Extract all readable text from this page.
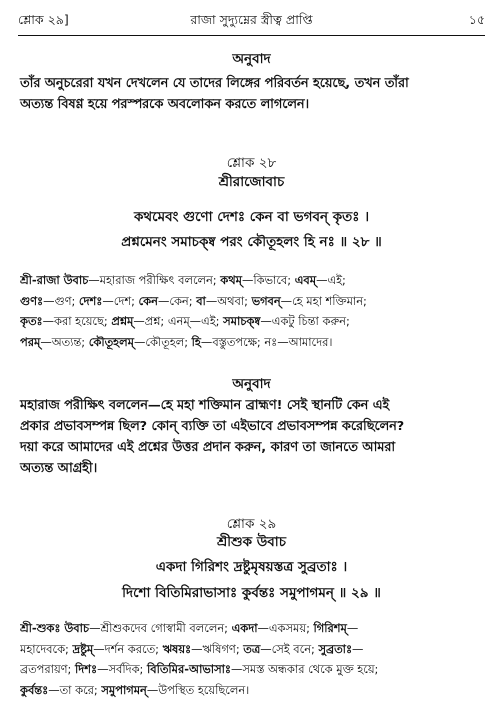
শ্লোক ২৯]	রাজা সুদ্যুম্নের স্ত্রীত্ব প্রাপ্তি	১৫
অনুবাদ
তাঁর অনুচরেরা যখন দেখলেন যে তাদের লিঙ্গের পরিবর্তন হয়েছে, তখন তাঁরা
অত্যন্ত বিষণ্ণ হয়ে পরস্পরকে অবলোকন করতে লাগলেন।
শ্লোক ২৮
শ্রীরাজোবাচ
কথমেবং গুণো দেশঃ কেন বা ভগবন্ কৃতঃ ।
প্রশ্নমেনং সমাচক্ষ্ব পরং কৌতূহলং হি নঃ ॥ ২৮ ॥
শ্রী-রাজা উবাচ—মহারাজ পরীক্ষিৎ বললেন; কথম্—কিভাবে; এবম্—এই;
গুণঃ—গুণ; দেশঃ—দেশ; কেন—কেন; বা—অথবা; ভগবন্—হে মহা শক্তিমান;
কৃতঃ—করা হয়েছে; প্রশ্নম্—প্রশ্ন; এনম্—এই; সমাচক্ষ্ব—একটু চিন্তা করুন;
পরম্—অত্যন্ত; কৌতূহলম্—কৌতূহল; হি—বস্তুতপক্ষে; নঃ—আমাদের।
অনুবাদ
মহারাজ পরীক্ষিৎ বললেন—হে মহা শক্তিমান ব্রাহ্মণ! সেই স্থানটি কেন এই
প্রকার প্রভাবসম্পন্ন ছিল? কোন্ ব্যক্তি তা এইভাবে প্রভাবসম্পন্ন করেছিলেন?
দয়া করে আমাদের এই প্রশ্নের উত্তর প্রদান করুন, কারণ তা জানতে আমরা
অত্যন্ত আগ্রহী।
শ্লোক ২৯
শ্রীশুক উবাচ
একদা গিরিশং দ্রষ্টুমৃষয়স্তত্র সুব্রতাঃ ।
দিশো বিতিমিরাভাসাঃ কুর্বন্তঃ সমুপাগমন্ ॥ ২৯ ॥
শ্রী-শুকঃ উবাচ—শ্রীশুকদেব গোস্বামী বললেন; একদা—একসময়; গিরিশম্—
মহাদেবকে; দ্রষ্টুম্—দর্শন করতে; ঋষয়ঃ—ঋষিগণ; তত্র—সেই বনে; সুব্রতাঃ—
ব্রতপরায়ণ; দিশঃ—সর্বদিক; বিতিমির-আভাসাঃ—সমস্ত অন্ধকার থেকে মুক্ত হয়ে;
কুর্বন্তঃ—তা করে; সমুপাগমন্—উপস্থিত হয়েছিলেন।
